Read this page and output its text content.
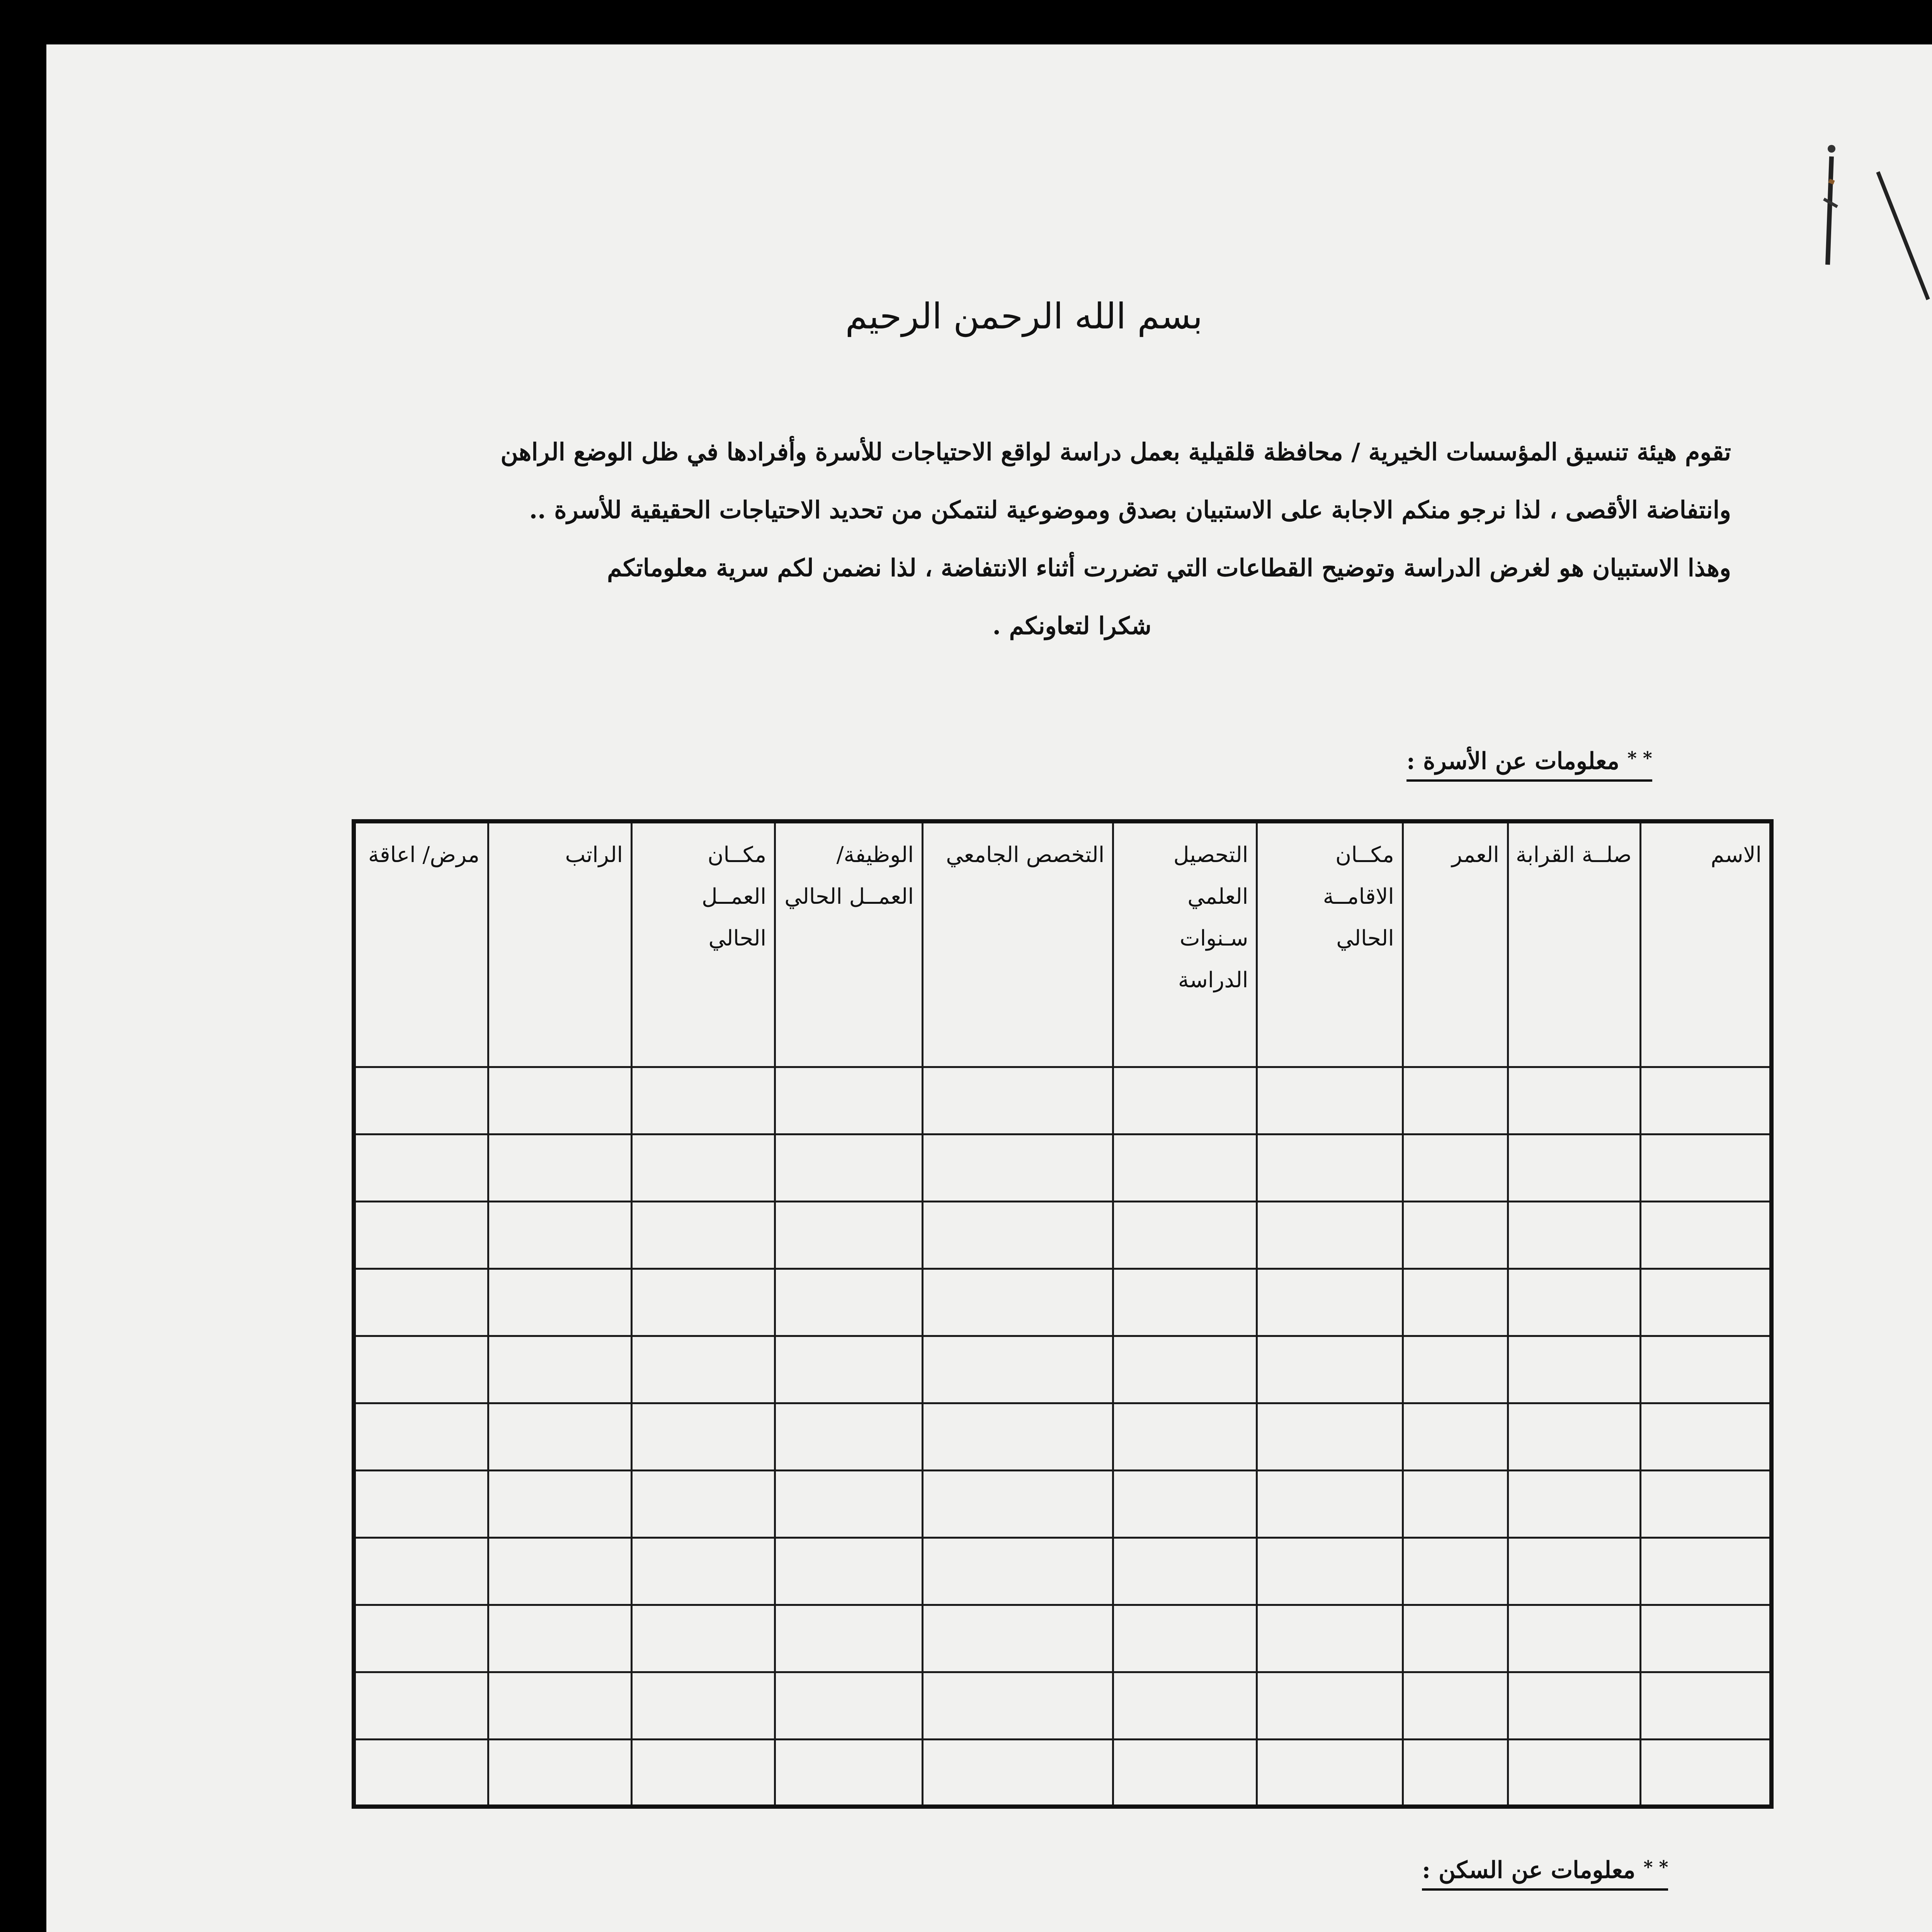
بسم الله الرحمن الرحيم
تقوم هيئة تنسيق المؤسسات الخيرية / محافظة قلقيلية بعمل دراسة لواقع الاحتياجات للأسرة وأفرادها في ظل الوضع الراهن
وانتفاضة الأقصى ، لذا نرجو منكم الاجابة على الاستبيان بصدق وموضوعية لنتمكن من تحديد الاحتياجات الحقيقية للأسرة ..
وهذا الاستبيان هو لغرض الدراسة وتوضيح القطاعات التي تضررت أثناء الانتفاضة ، لذا نضمن لكم سرية معلوماتكم
شكرا لتعاونكم .
* * معلومات عن الأسرة :
الاسم	صلــة القرابة	العمر	مكــان الاقامــة الحالي	التحصيل العلمي سـنوات الدراسة	التخصص الجامعي	الوظيفة/ العمــل الحالي	مكــان العمــل الحالي	الراتب	مرض/ اعاقة

* * معلومات عن السكن :
